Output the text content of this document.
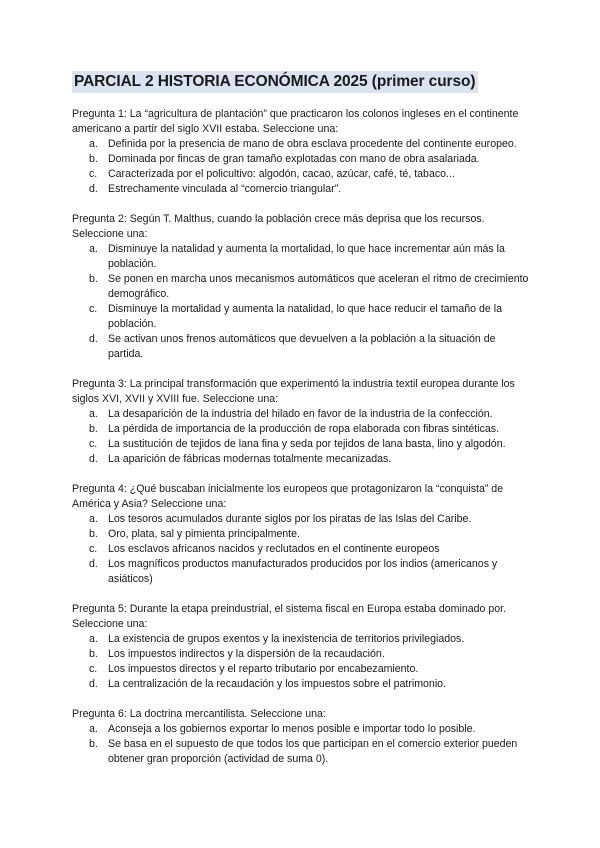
PARCIAL 2 HISTORIA ECONÓMICA 2025 (primer curso)
Pregunta 1: La “agricultura de plantación” que practicaron los colonos ingleses en el continente americano a partir del siglo XVII estaba. Seleccione una:
a. Definida por la presencia de mano de obra esclava procedente del continente europeo.
b. Dominada por fincas de gran tamaño explotadas con mano de obra asalariada.
c.	Caracterizada por el policultivo: algodón, cacao, azúcar, café, té, tabaco...
d. Estrechamente vinculada al “comercio triangular”.
Pregunta 2: Según T. Malthus, cuando la población crece más deprisa que los recursos. Seleccione una:
a. Disminuye la natalidad y aumenta la mortalidad, lo que hace incrementar aún más la población.
b. Se ponen en marcha unos mecanismos automáticos que aceleran el ritmo de crecimiento demográfico.
c.	Disminuye la mortalidad y aumenta la natalidad, lo que hace reducir el tamaño de la población.
d. Se activan unos frenos automáticos que devuelven a la población a la situación de partida.
Pregunta 3: La principal transformación que experimentó la industria textil europea durante los siglos XVI, XVII y XVIII fue. Seleccione una:
a. La desaparición de la industria del hilado en favor de la industria de la confección.
b. La pérdida de importancia de la producción de ropa elaborada con fibras sintéticas.
c.	La sustitución de tejidos de lana fina y seda por tejidos de lana basta, lino y algodón.
d. La aparición de fábricas modernas totalmente mecanizadas.
Pregunta 4: ¿Qué buscaban inicialmente los europeos que protagonizaron la “conquista” de América y Asia? Seleccione una:
a. Los tesoros acumulados durante siglos por los piratas de las Islas del Caribe.
b. Oro, plata, sal y pimienta principalmente.
c.	Los esclavos africanos nacidos y reclutados en el continente europeos
d. Los magníficos productos manufacturados producidos por los indios (americanos y asiáticos)
Pregunta 5: Durante la etapa preindustrial, el sistema fiscal en Europa estaba dominado por. Seleccione una:
a. La existencia de grupos exentos y la inexistencia de territorios privilegiados.
b. Los impuestos indirectos y la dispersión de la recaudación.
c.	Los impuestos directos y el reparto tributario por encabezamiento.
d. La centralización de la recaudación y los impuestos sobre el patrimonio.
Pregunta 6: La doctrina mercantilista. Seleccione una:
a. Aconseja a los gobiernos exportar lo menos posible e importar todo lo posible.
b. Se basa en el supuesto de que todos los que participan en el comercio exterior pueden obtener gran proporción (actividad de suma 0).
